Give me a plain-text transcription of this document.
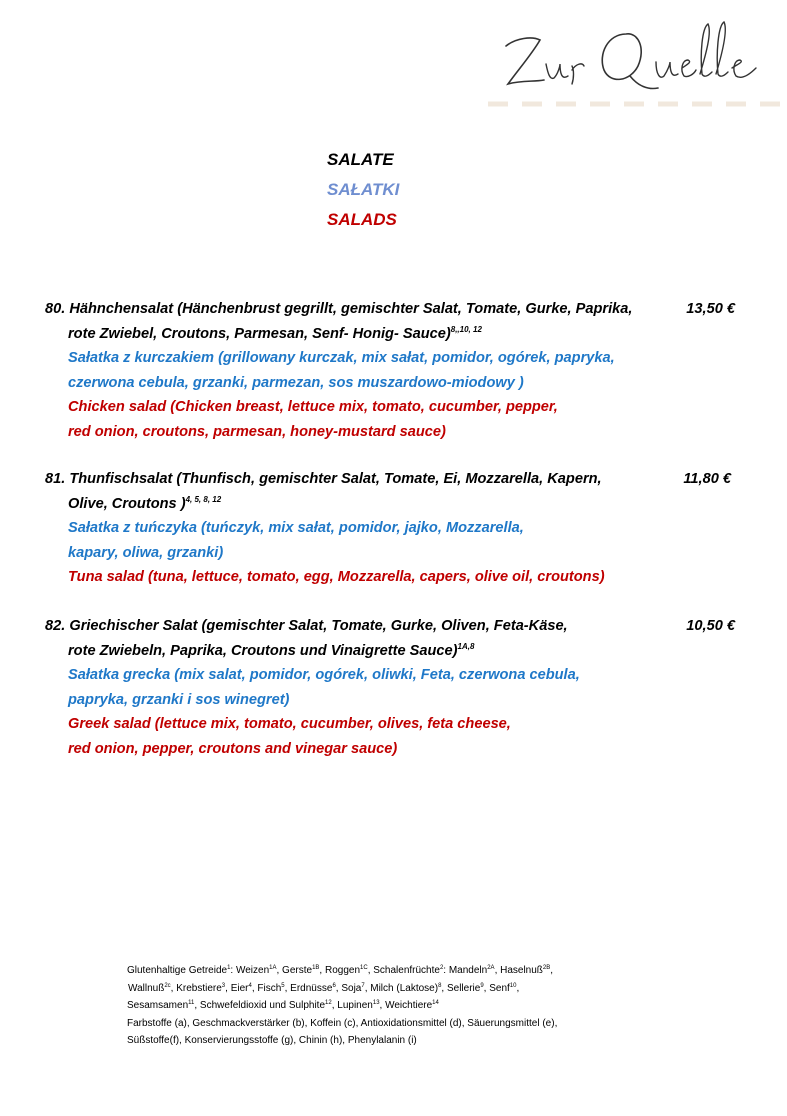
SALATE
SAŁATKI
SALADS
13,50 €
80. Hähnchensalat (Hänchenbrust gegrillt, gemischter Salat, Tomate, Gurke, Paprika,
rote Zwiebel, Croutons, Parmesan, Senf- Honig- Sauce)$^{8,,10, 12}$
Sałatka z kurczakiem (grillowany kurczak, mix sałat, pomidor, ogórek, papryka,
czerwona cebula, grzanki, parmezan, sos muszardowo-miodowy )
Chicken salad (Chicken breast, lettuce mix, tomato, cucumber, pepper,
red onion, croutons, parmesan, honey-mustard sauce)
11,80 €
81. Thunfischsalat (Thunfisch, gemischter Salat, Tomate, Ei, Mozzarella, Kapern,
Olive, Croutons )$^{4, 5, 8, 12}$
Sałatka z tuńczyka (tuńczyk, mix sałat, pomidor, jajko, Mozzarella,
kapary, oliwa, grzanki)
Tuna salad (tuna, lettuce, tomato, egg, Mozzarella, capers, olive oil, croutons)
10,50 €
82. Griechischer Salat (gemischter Salat, Tomate, Gurke, Oliven, Feta-Käse,
rote Zwiebeln, Paprika, Croutons und Vinaigrette Sauce)$^{1A,8}$
Sałatka grecka (mix salat, pomidor, ogórek, oliwki, Feta, czerwona cebula,
papryka, grzanki i sos winegret)
Greek salad (lettuce mix, tomato, cucumber, olives, feta cheese,
red onion, pepper, croutons and vinegar sauce)
Glutenhaltige Getreide$^1$: Weizen$^{1A}$, Gerste$^{1B}$, Roggen$^{1C}$, Schalenfrüchte$^2$: Mandeln$^{2A}$, Haselnuß$^{2B}$,
Wallnuß$^{2c}$, Krebstiere$^3$, Eier$^4$, Fisch$^5$, Erdnüsse$^6$, Soja$^7$, Milch (Laktose)$^8$, Sellerie$^9$, Senf$^{10}$,
Sesamsamen$^{11}$, Schwefeldioxid und Sulphite$^{12}$, Lupinen$^{13}$, Weichtiere$^{14}$
Farbstoffe (a), Geschmackverstärker (b), Koffein (c), Antioxidationsmittel (d), Säuerungsmittel (e),
Süßstoffe(f), Konservierungsstoffe (g), Chinin (h), Phenylalanin (i)
